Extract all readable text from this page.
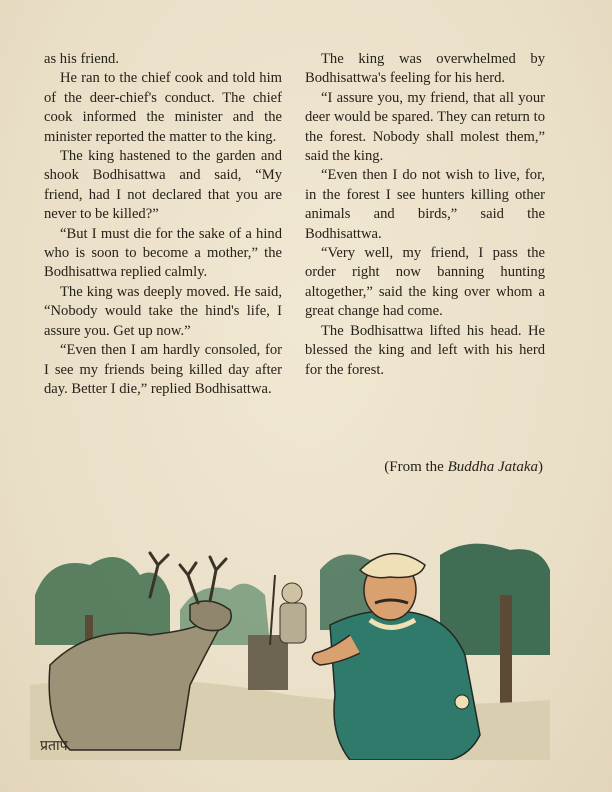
as his friend.

He ran to the chief cook and told him of the deer-chief's conduct. The chief cook informed the minister and the minister reported the matter to the king.

The king hastened to the garden and shook Bodhisattwa and said, “My friend, had I not declared that you are never to be killed?”

“But I must die for the sake of a hind who is soon to become a mother,” the Bodhisattwa replied calmly.

The king was deeply moved. He said, “Nobody would take the hind's life, I assure you. Get up now.”

“Even then I am hardly consoled, for I see my friends being killed day after day. Better I die,” replied Bodhisattwa.

The king was overwhelmed by Bodhisattwa's feeling for his herd.

“I assure you, my friend, that all your deer would be spared. They can return to the forest. Nobody shall molest them,” said the king.

“Even then I do not wish to live, for, in the forest I see hunters killing other animals and birds,” said the Bodhisattwa.

“Very well, my friend, I pass the order right now banning hunting altogether,” said the king over whom a great change had come.

The Bodhisattwa lifted his head. He blessed the king and left with his herd for the forest.

(From the Buddha Jataka)
प्रताप
